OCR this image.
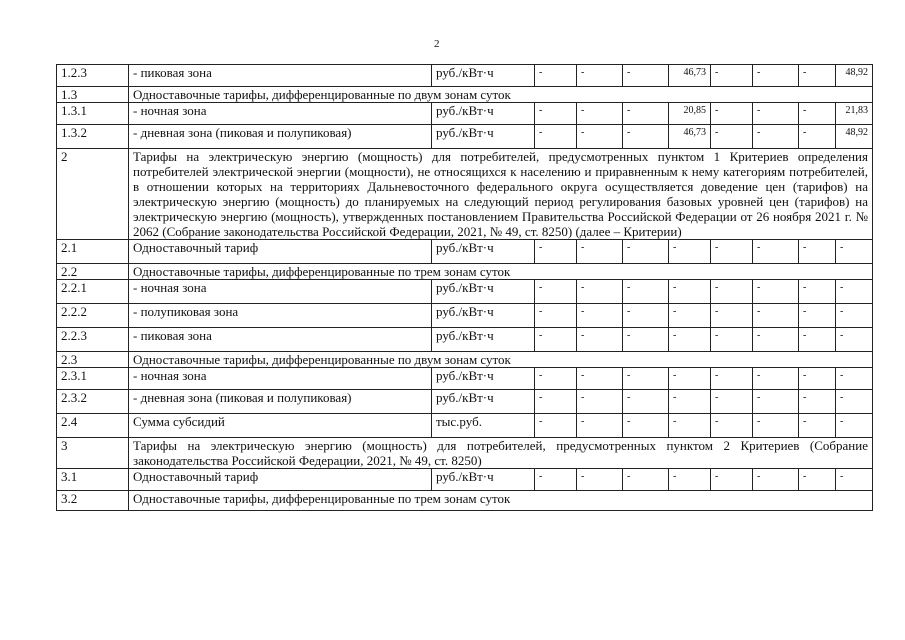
2
1.2.3	- пиковая зона	руб./кВт·ч	-	-	-	46,73	-	-	-	48,92
1.3	Одноставочные тарифы, дифференцированные по двум зонам суток									
1.3.1	- ночная зона	руб./кВт·ч	-	-	-	20,85	-	-	-	21,83
1.3.2	- дневная зона (пиковая и полупиковая)	руб./кВт·ч	-	-	-	46,73	-	-	-	48,92
2	Тарифы на электрическую энергию (мощность) для потребителей, предусмотренных пунктом 1 Критериев определения потребителей электрической энергии (мощности), не относящихся к населению и приравненным к нему категориям потребителей, в отношении которых на территориях Дальневосточного федерального округа осуществляется доведение цен (тарифов) на электрическую энергию (мощность) до планируемых на следующий период регулирования базовых уровней цен (тарифов) на электрическую энергию (мощность), утвержденных постановлением Правительства Российской Федерации от 26 ноября 2021 г. № 2062 (Собрание законодательства Российской Федерации, 2021, № 49, ст. 8250) (далее – Критерии)									
2.1	Одноставочный тариф	руб./кВт·ч	-	-	-	-	-	-	-	-
2.2	Одноставочные тарифы, дифференцированные по трем зонам суток									
2.2.1	- ночная зона	руб./кВт·ч	-	-	-	-	-	-	-	-
2.2.2	- полупиковая зона	руб./кВт·ч	-	-	-	-	-	-	-	-
2.2.3	- пиковая зона	руб./кВт·ч	-	-	-	-	-	-	-	-
2.3	Одноставочные тарифы, дифференцированные по двум зонам суток									
2.3.1	- ночная зона	руб./кВт·ч	-	-	-	-	-	-	-	-
2.3.2	- дневная зона (пиковая и полупиковая)	руб./кВт·ч	-	-	-	-	-	-	-	-
2.4	Сумма субсидий	тыс.руб.	-	-	-	-	-	-	-	-
3	Тарифы на электрическую энергию (мощность) для потребителей, предусмотренных пунктом 2 Критериев (Собрание законодательства Российской Федерации, 2021, № 49, ст. 8250)									
3.1	Одноставочный тариф	руб./кВт·ч	-	-	-	-	-	-	-	-
3.2	Одноставочные тарифы, дифференцированные по трем зонам суток									
